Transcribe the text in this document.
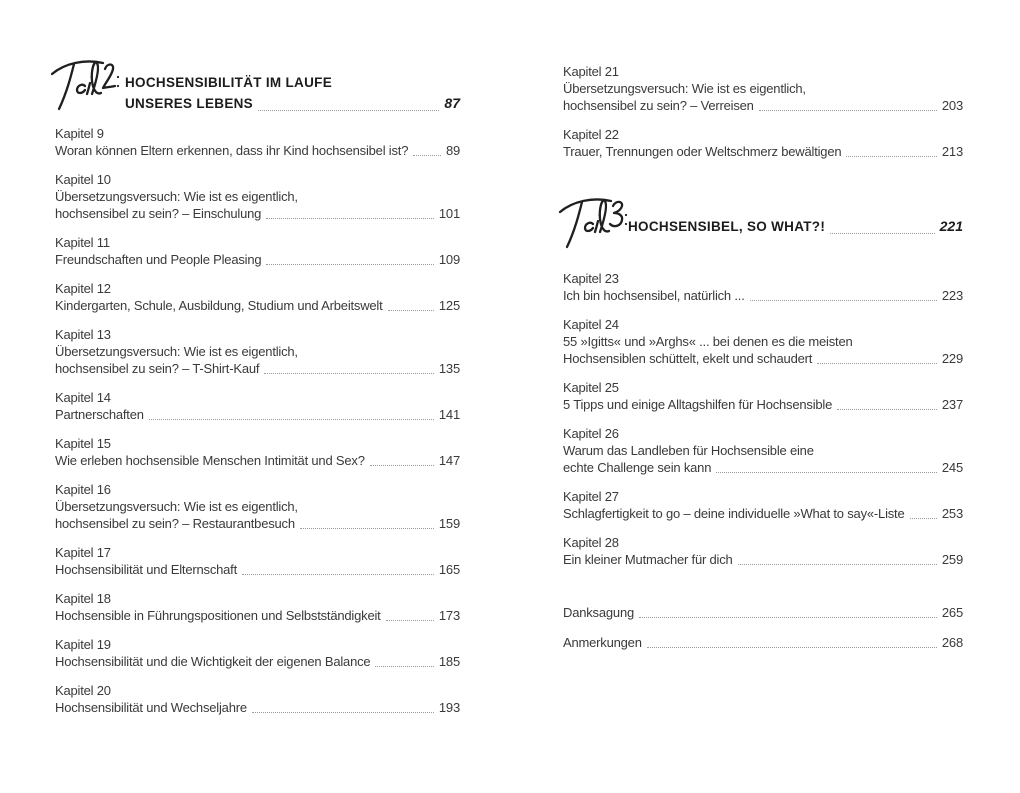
HOCHSENSIBILITÄT IM LAUFE
UNSERES LEBENS	87
Kapitel 9
Woran können Eltern erkennen, dass ihr Kind hochsensibel ist?	89
Kapitel 10
Übersetzungsversuch: Wie ist es eigentlich,
hochsensibel zu sein? – Einschulung	101
Kapitel 11
Freundschaften und People Pleasing	109
Kapitel 12
Kindergarten, Schule, Ausbildung, Studium und Arbeitswelt	125
Kapitel 13
Übersetzungsversuch: Wie ist es eigentlich,
hochsensibel zu sein? – T-Shirt-Kauf	135
Kapitel 14
Partnerschaften	141
Kapitel 15
Wie erleben hochsensible Menschen Intimität und Sex?	147
Kapitel 16
Übersetzungsversuch: Wie ist es eigentlich,
hochsensibel zu sein? – Restaurantbesuch	159
Kapitel 17
Hochsensibilität und Elternschaft	165
Kapitel 18
Hochsensible in Führungspositionen und Selbstständigkeit	173
Kapitel 19
Hochsensibilität und die Wichtigkeit der eigenen Balance	185
Kapitel 20
Hochsensibilität und Wechseljahre	193
Kapitel 21
Übersetzungsversuch: Wie ist es eigentlich,
hochsensibel zu sein? – Verreisen	203
Kapitel 22
Trauer, Trennungen oder Weltschmerz bewältigen	213
HOCHSENSIBEL, SO WHAT?!	221
Kapitel 23
Ich bin hochsensibel, natürlich ...	223
Kapitel 24
55 »Igitts« und »Arghs« ... bei denen es die meisten
Hochsensiblen schüttelt, ekelt und schaudert	229
Kapitel 25
5 Tipps und einige Alltagshilfen für Hochsensible	237
Kapitel 26
Warum das Landleben für Hochsensible eine
echte Challenge sein kann	245
Kapitel 27
Schlagfertigkeit to go – deine individuelle »What to say«-Liste	253
Kapitel 28
Ein kleiner Mutmacher für dich	259
Danksagung	265
Anmerkungen	268
